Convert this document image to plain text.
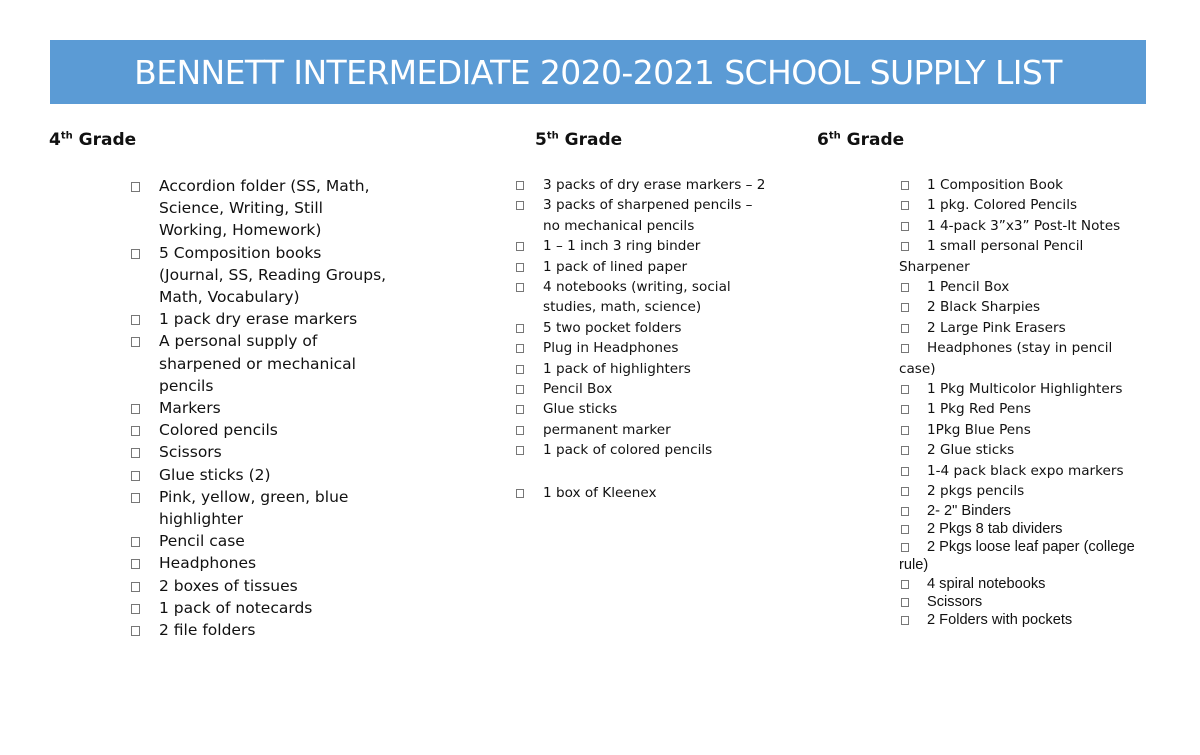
BENNETT INTERMEDIATE 2020-2021 SCHOOL SUPPLY LIST
4th Grade	5th Grade	6th Grade
Accordion folder (SS, Math,
Science, Writing, Still
Working, Homework)
5 Composition books
(Journal, SS, Reading Groups,
Math, Vocabulary)
1 pack dry erase markers
A personal supply of
sharpened or mechanical
pencils
Markers
Colored pencils
Scissors
Glue sticks (2)
Pink, yellow, green, blue
highlighter
Pencil case
Headphones
2 boxes of tissues
1 pack of notecards
2 file folders
3 packs of dry erase markers – 2
3 packs of sharpened pencils –
no mechanical pencils
1 – 1 inch 3 ring binder
1 pack of lined paper
4 notebooks (writing, social
studies, math, science)
5 two pocket folders
Plug in Headphones
1 pack of highlighters
Pencil Box
Glue sticks
permanent marker
1 pack of colored pencils
1 box of Kleenex
1 Composition Book
1 pkg. Colored Pencils
1 4-pack 3”x3” Post-It Notes
1 small personal Pencil
Sharpener
1 Pencil Box
2 Black Sharpies
2 Large Pink Erasers
Headphones (stay in pencil
case)
1 Pkg Multicolor Highlighters
1 Pkg Red Pens
1Pkg Blue Pens
2 Glue sticks
1-4 pack black expo markers
2 pkgs pencils
2- 2" Binders
2 Pkgs 8 tab dividers
2 Pkgs loose leaf paper (college
rule)
4 spiral notebooks
Scissors
2 Folders with pockets
